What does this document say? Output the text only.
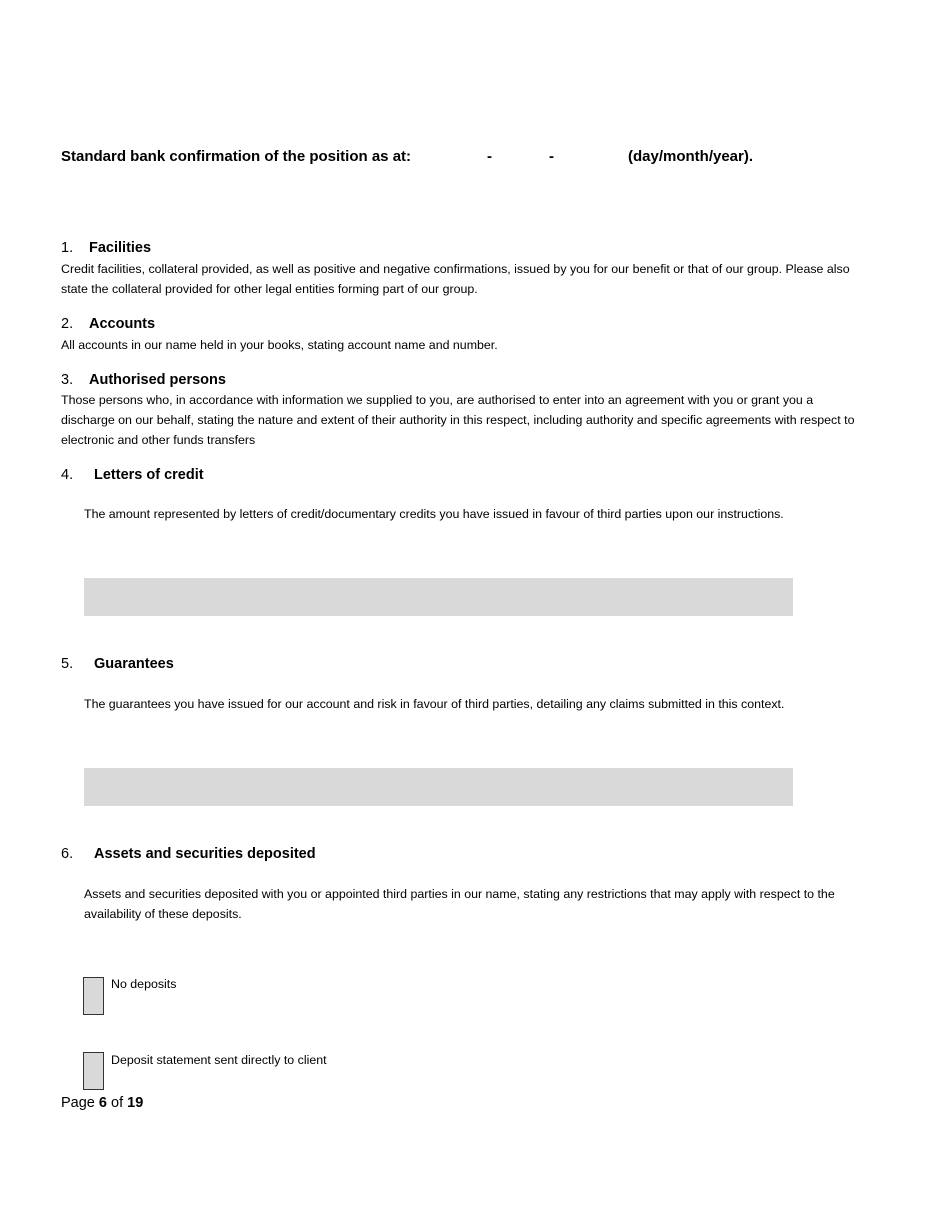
Standard bank confirmation of the position as at:	-	-	(day/month/year).
1. Facilities
Credit facilities, collateral provided, as well as positive and negative confirmations, issued by you for our benefit or that of our group. Please also state the collateral provided for other legal entities forming part of our group.
2. Accounts
All accounts in our name held in your books, stating account name and number.
3. Authorised persons
Those persons who, in accordance with information we supplied to you, are authorised to enter into an agreement with you or grant you a discharge on our behalf, stating the nature and extent of their authority in this respect, including authority and specific agreements with respect to electronic and other funds transfers
4. Letters of credit
The amount represented by letters of credit/documentary credits you have issued in favour of third parties upon our instructions.
5. Guarantees
The guarantees you have issued for our account and risk in favour of third parties, detailing any claims submitted in this context.
6. Assets and securities deposited
Assets and securities deposited with you or appointed third parties in our name, stating any restrictions that may apply with respect to the availability of these deposits.
No deposits
Deposit statement sent directly to client
Page 6 of 19
